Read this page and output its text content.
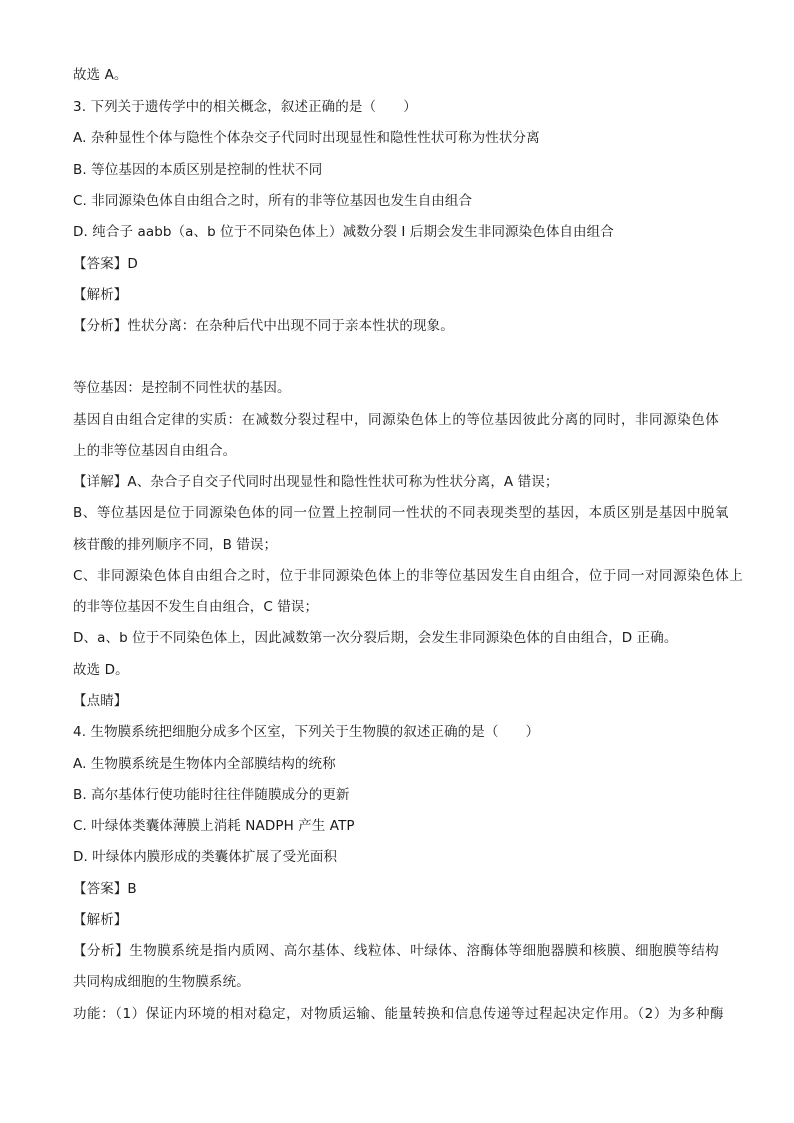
故选 A。
3. 下列关于遗传学中的相关概念，叙述正确的是（　　）
A. 杂种显性个体与隐性个体杂交子代同时出现显性和隐性性状可称为性状分离
B. 等位基因的本质区别是控制的性状不同
C. 非同源染色体自由组合之时，所有的非等位基因也发生自由组合
D. 纯合子 aabb（a、b 位于不同染色体上）减数分裂 I 后期会发生非同源染色体自由组合
【答案】D
【解析】
【分析】性状分离：在杂种后代中出现不同于亲本性状的现象。
等位基因：是控制不同性状的基因。
基因自由组合定律的实质：在减数分裂过程中，同源染色体上的等位基因彼此分离的同时，非同源染色体
上的非等位基因自由组合。
【详解】A、杂合子自交子代同时出现显性和隐性性状可称为性状分离，A 错误；
B、等位基因是位于同源染色体的同一位置上控制同一性状的不同表现类型的基因，本质区别是基因中脱氧
核苷酸的排列顺序不同，B 错误；
C、非同源染色体自由组合之时，位于非同源染色体上的非等位基因发生自由组合，位于同一对同源染色体上
的非等位基因不发生自由组合，C 错误；
D、a、b 位于不同染色体上，因此减数第一次分裂后期，会发生非同源染色体的自由组合，D 正确。
故选 D。
【点睛】
4. 生物膜系统把细胞分成多个区室，下列关于生物膜的叙述正确的是（　　）
A. 生物膜系统是生物体内全部膜结构的统称
B. 高尔基体行使功能时往往伴随膜成分的更新
C. 叶绿体类囊体薄膜上消耗 NADPH 产生 ATP
D. 叶绿体内膜形成的类囊体扩展了受光面积
【答案】B
【解析】
【分析】生物膜系统是指内质网、高尔基体、线粒体、叶绿体、溶酶体等细胞器膜和核膜、细胞膜等结构
共同构成细胞的生物膜系统。
功能：（1）保证内环境的相对稳定，对物质运输、能量转换和信息传递等过程起决定作用。（2）为多种酶
